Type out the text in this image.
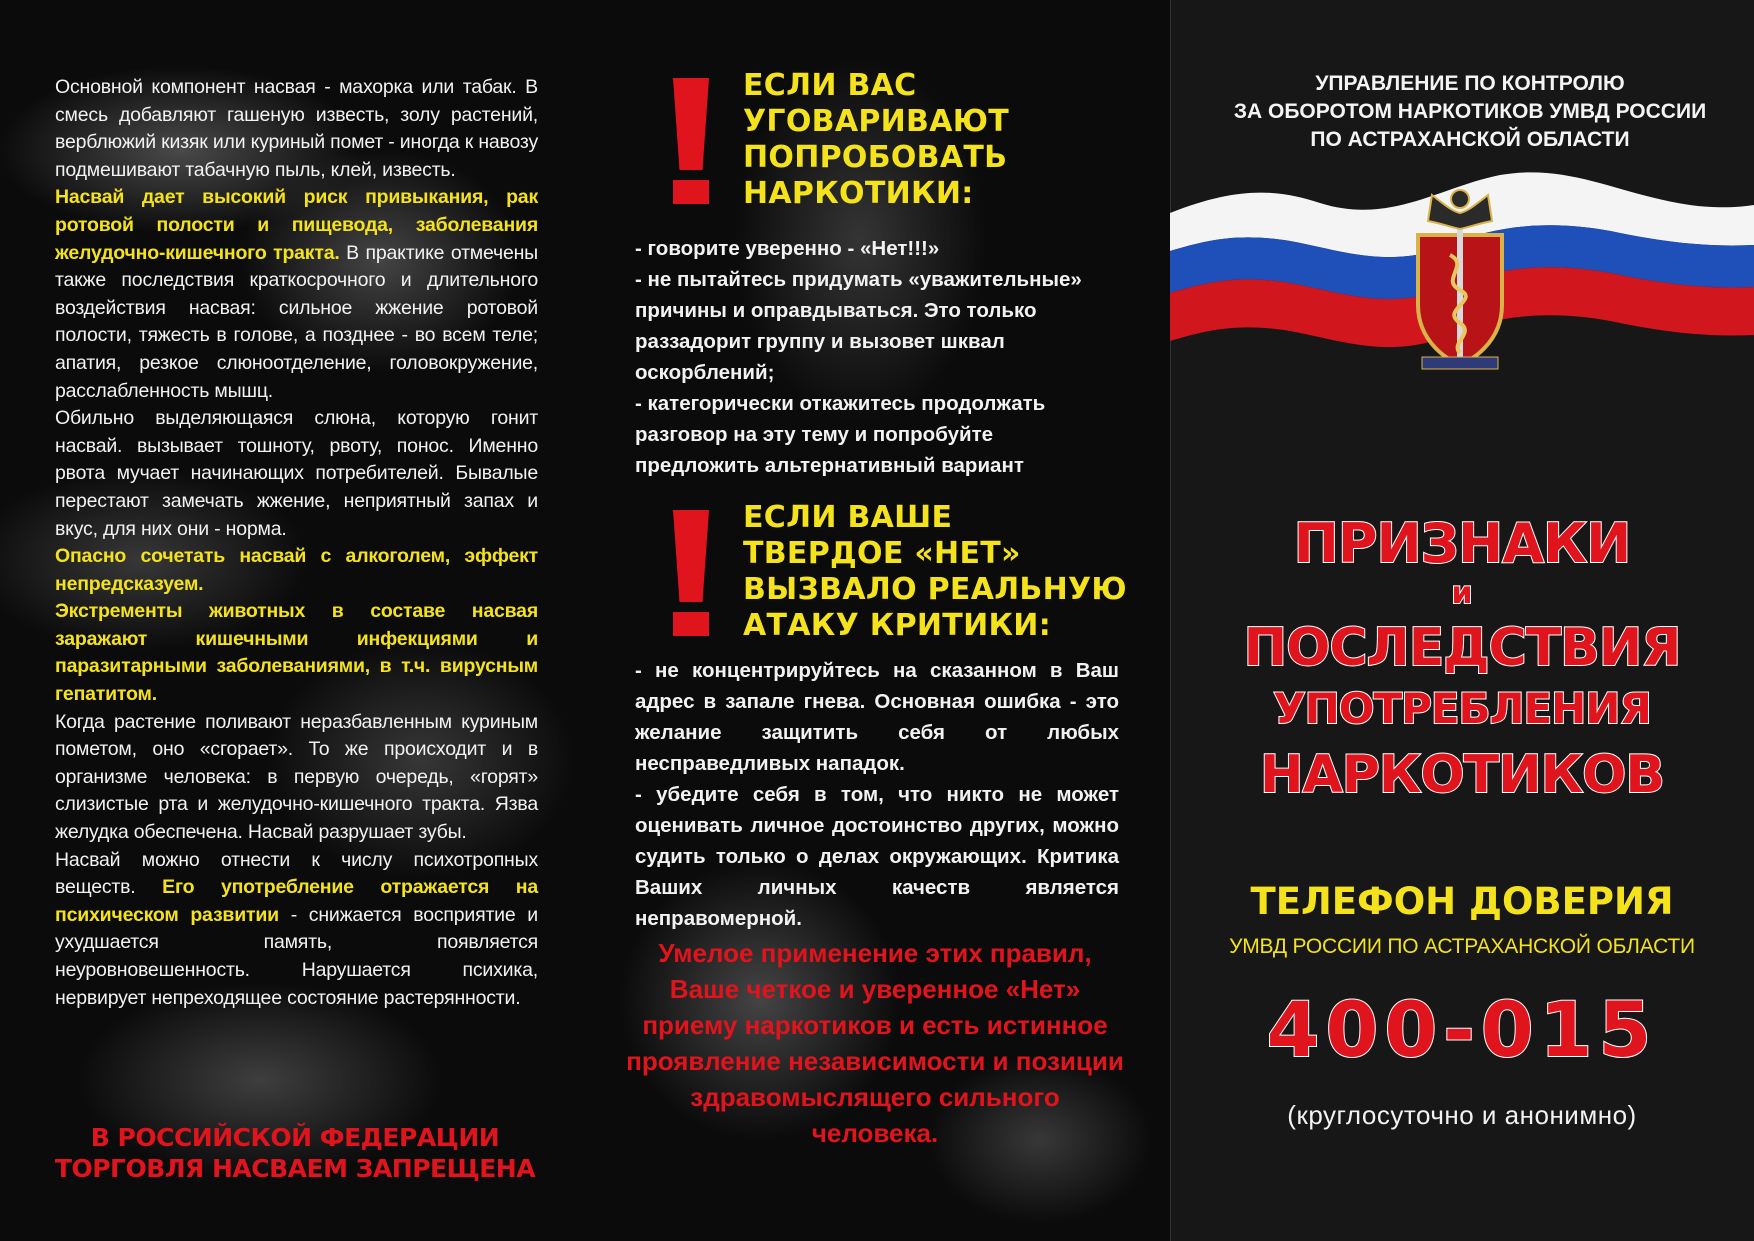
Основной компонент насвая - махорка или табак. В смесь добавляют гашеную известь, золу растений, верблюжий кизяк или куриный помет - иногда к навозу подмешивают табачную пыль, клей, известь.

Насвай дает высокий риск привыкания, рак ротовой полости и пищевода, заболевания желудочно-кишечного тракта. В практике отмечены также последствия краткосрочного и длительного воздействия насвая: сильное жжение ротовой полости, тяжесть в голове, а позднее - во всем теле; апатия, резкое слюноотделение, головокружение, расслабленность мышц.

Обильно выделяющаяся слюна, которую гонит насвай. вызывает тошноту, рвоту, понос. Именно рвота мучает начинающих потребителей. Бывалые перестают замечать жжение, неприятный запах и вкус, для них они - норма.

Опасно сочетать насвай с алкоголем, эффект непредсказуем.

Экстременты животных в составе насвая заражают кишечными инфекциями и паразитарными заболеваниями, в т.ч. вирусным гепатитом.

Когда растение поливают неразбавленным куриным пометом, оно «сгорает». То же происходит и в организме человека: в первую очередь, «горят» слизистые рта и желудочно-кишечного тракта. Язва желудка обеспечена. Насвай разрушает зубы.

Насвай можно отнести к числу психотропных веществ. Его употребление отражается на психическом развитии - снижается восприятие и ухудшается память, появляется неуровновешенность. Нарушается психика, нервирует непреходящее состояние растерянности.

В РОССИЙСКОЙ ФЕДЕРАЦИИ
ТОРГОВЛЯ НАСВАЕМ ЗАПРЕЩЕНА
ЕСЛИ ВАС
УГОВАРИВАЮТ
ПОПРОБОВАТЬ
НАРКОТИКИ:

- говорите уверенно - «Нет!!!»

- не пытайтесь придумать «уважительные» причины и оправдываться. Это только раззадорит группу и вызовет шквал оскорблений;

- категорически откажитесь продолжать разговор на эту тему и попробуйте предложить альтернативный вариант

ЕСЛИ ВАШЕ
ТВЕРДОЕ «НЕТ»
ВЫЗВАЛО РЕАЛЬНУЮ
АТАКУ КРИТИКИ:

- не концентрируйтесь на сказанном в Ваш адрес в запале гнева. Основная ошибка - это желание защитить себя от любых несправедливых нападок.

- убедите себя в том, что никто не может оценивать личное достоинство других, можно судить только о делах окружающих. Критика Ваших личных качеств является неправомерной.

Умелое применение этих правил, Ваше четкое и уверенное «Нет» приему наркотиков и есть истинное проявление независимости и позиции здравомыслящего сильного человека.
УПРАВЛЕНИЕ ПО КОНТРОЛЮ
ЗА ОБОРОТОМ НАРКОТИКОВ УМВД РОССИИ
ПО АСТРАХАНСКОЙ ОБЛАСТИ
ПРИЗНАКИ
и
ПОСЛЕДСТВИЯ
УПОТРЕБЛЕНИЯ
НАРКОТИКОВ
ТЕЛЕФОН ДОВЕРИЯ
УМВД РОССИИ ПО АСТРАХАНСКОЙ ОБЛАСТИ
400-015
(круглосуточно и анонимно)
